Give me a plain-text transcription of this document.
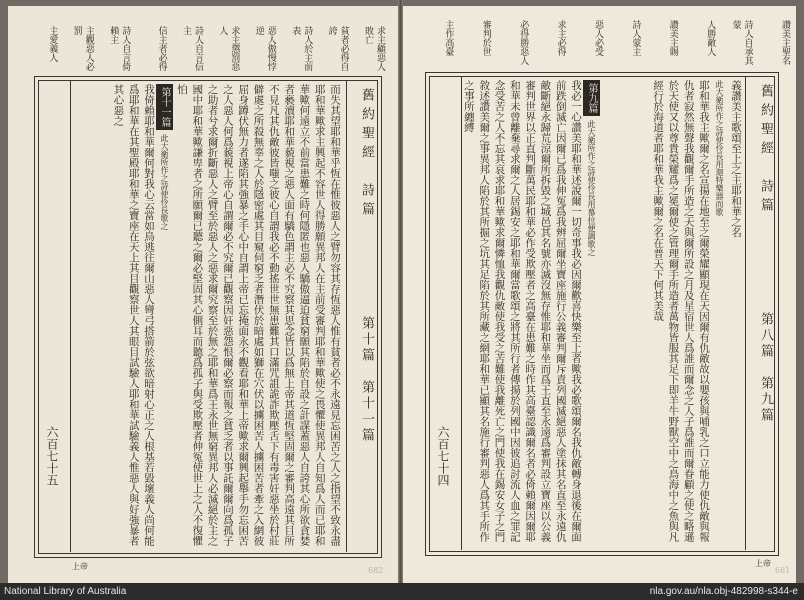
求主顧惡人敗亡
貧者必得自誇
詩人於主前表
惡人傲慢悖逆
求主懲罰惡人
詩人自言信主
信主者必得
詩人自言倚賴主
主觀惡人必罰
主愛義人
舊約聖經　詩篇
第十篇　第十一篇
六百七十五	而失其望耶和華乎恆在惟彼惡人之臂勿容其存恆惡人惟有貧者必不永遠見忘困苦之人之指望不致永盡耶和華歟求主興起不容世人得勝願異邦人在主前受審判耶和華歟使之畏懼使異邦人自知爲人而已耶和華歟何遠立不前當患難之時何隱匿也惡人驕傲逼迫貧窮願其陷於自設之計謀蓋惡人自誇其心所欲貪婪者褻瀆耶和華藐視之惡人面有驕色謂主必不究察其思念皆以爲無上帝其道恆堅固爾之審判高遠其目所不見凡其仇敵彼皆嗤之彼心自謂我必不動搖世世無患難其口滿咒詛詭詐欺壓舌下有毒害奸惡坐於村莊僻處之所殺無辜之人於隱密處其目窺伺窮乏者潛伏於暗處如獅在穴伏以擄困苦人擄困苦者牽之入網彼屈身蹲伏無力者遂陷其強暴之手心中自謂上帝已忘掩面永不觀看耶和華上帝歟求爾興起舉手勿忘困苦之人惡人何爲藐視上帝心自謂爾必不究爾已觀察因奸惡怨恨爾必察而報之貧乏者以事託爾爾向爲孤子之助者兮求爾折斷惡人之臂至於惡人之惡求爾究察至於無之耶和華爲王永世無窮異邦人必滅絕於主之國中耶和華歟謙卑者之所願爾已聽之爾必堅固其心側耳而聽爲孤子與受欺壓者伸冤使世上之人不復懼怕
第十一篇此大衛所作之詩使伶長歌之
我倚賴耶和華爾何對我心云當如鳥逃往爾山惡人彎弓搭箭於弦欲暗射心正之人根基若毀壞義人尚何能爲耶和華在其聖殿耶和華之寶座在天上其目觀察世人其眼目試驗人耶和華試驗義人惟惡人與好強暴者其心惡之
上帝	682
讚美主聖名
詩人自承其蒙
人勝敵人
讚美主賜
詩人蒙主
惡人必受
求主必得
必得勝惡人
審判於世
主作高臺
舊約聖經　詩篇
第八篇　第九篇
六百七十四
義讚美主歌頌至上之主耶和華之名
此大衛所作之詩使伶長用迦特樂器而歌
耶和華我主歟爾之名宣揚在地至之爾榮耀顯現在天因爾有仇敵故以嬰孩與哺乳之口立能力使仇敵與報仇者寂然無聲我觀爾手所造之天與爾所設之月及星宿世人爲誰而爾念之人子爲誰而爾眷顧之使之略遜於天使又以尊貴榮耀爲之冕爾使之管理爾手所造者萬物皆服其足下即羊牛野獸空中之鳥海中之魚與凡經行於海道者耶和華我主歟爾之名在普天下何其美哉
第九篇此大衛所作之詩使伶長用慕拉便調歌之
我必一心讚美耶和華述說爾一切奇事我必因爾歡喜快樂至上者歟我必歌頌爾名我仇敵轉身退後在爾面前跌倒滅亡因爾已爲我伸冤爲我辨屈爾坐寶座施行公義審判爾斥責列國滅絕惡人塗抹其名直至永遠仇敵斷絕永歸荒涼爾所拆毀之城邑其名號亦滅沒無存惟耶和華坐而爲王直至永遠爲審判設立寶座以公義審判世界以正直判斷萬民耶和華必作受欺壓者之高臺在患難之時作其高臺認識爾名者必倚賴爾因爾耶和華未曾離棄尋求爾之人居錫安之耶和華爾當歌頌之將其所行者傳揚於列國中因彼追討流人血之罪記念受苦之人不忘其哀求耶和華歟求爾憐恤我觀仇敵使我受之苦難使我離死亡之門使我在錫安女子之門敘述讚美爾之事異邦人陷於其所掘之坑其足陷於其所藏之網耶和華已顯其名施行審判惡人爲其手所作之事所纏縛
上帝
681
National Library of Australia	nla.gov.au/nla.obj-482998-s344-e
